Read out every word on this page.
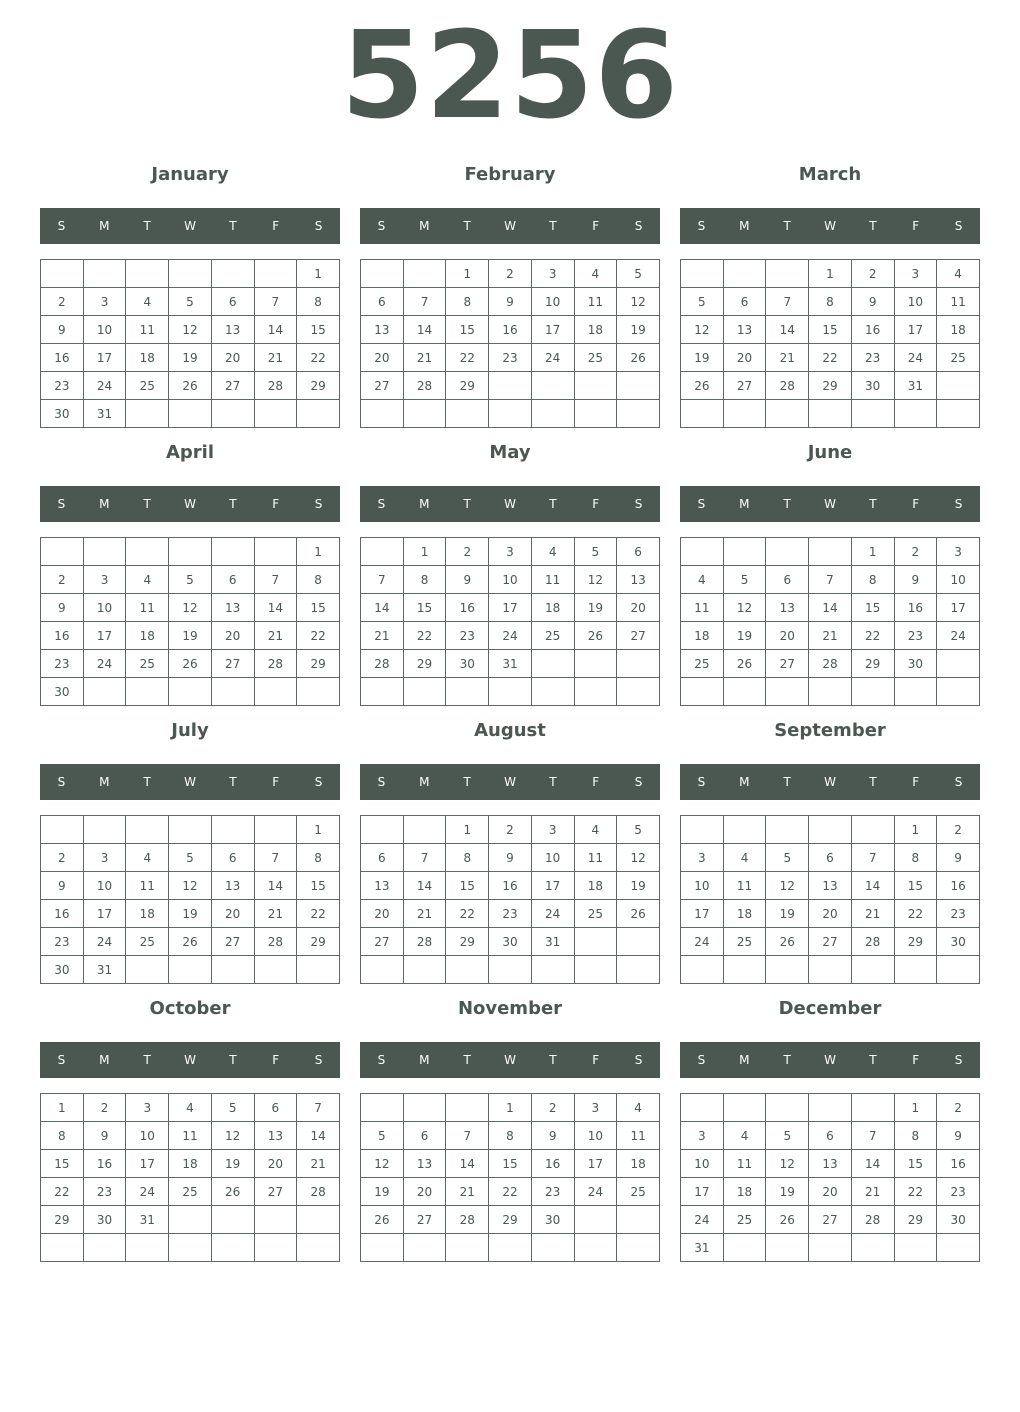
5256
January
S	M	T	W	T	F	S
						1
2	3	4	5	6	7	8
9	10	11	12	13	14	15
16	17	18	19	20	21	22
23	24	25	26	27	28	29
30	31					
February
S	M	T	W	T	F	S
		1	2	3	4	5
6	7	8	9	10	11	12
13	14	15	16	17	18	19
20	21	22	23	24	25	26
27	28	29				

March
S	M	T	W	T	F	S
			1	2	3	4
5	6	7	8	9	10	11
12	13	14	15	16	17	18
19	20	21	22	23	24	25
26	27	28	29	30	31	

April
S	M	T	W	T	F	S
						1
2	3	4	5	6	7	8
9	10	11	12	13	14	15
16	17	18	19	20	21	22
23	24	25	26	27	28	29
30						
May
S	M	T	W	T	F	S
	1	2	3	4	5	6
7	8	9	10	11	12	13
14	15	16	17	18	19	20
21	22	23	24	25	26	27
28	29	30	31			

June
S	M	T	W	T	F	S
				1	2	3
4	5	6	7	8	9	10
11	12	13	14	15	16	17
18	19	20	21	22	23	24
25	26	27	28	29	30	

July
S	M	T	W	T	F	S
						1
2	3	4	5	6	7	8
9	10	11	12	13	14	15
16	17	18	19	20	21	22
23	24	25	26	27	28	29
30	31					
August
S	M	T	W	T	F	S
		1	2	3	4	5
6	7	8	9	10	11	12
13	14	15	16	17	18	19
20	21	22	23	24	25	26
27	28	29	30	31		

September
S	M	T	W	T	F	S
					1	2
3	4	5	6	7	8	9
10	11	12	13	14	15	16
17	18	19	20	21	22	23
24	25	26	27	28	29	30

October
S	M	T	W	T	F	S
1	2	3	4	5	6	7
8	9	10	11	12	13	14
15	16	17	18	19	20	21
22	23	24	25	26	27	28
29	30	31				

November
S	M	T	W	T	F	S
			1	2	3	4
5	6	7	8	9	10	11
12	13	14	15	16	17	18
19	20	21	22	23	24	25
26	27	28	29	30		

December
S	M	T	W	T	F	S
					1	2
3	4	5	6	7	8	9
10	11	12	13	14	15	16
17	18	19	20	21	22	23
24	25	26	27	28	29	30
31						
